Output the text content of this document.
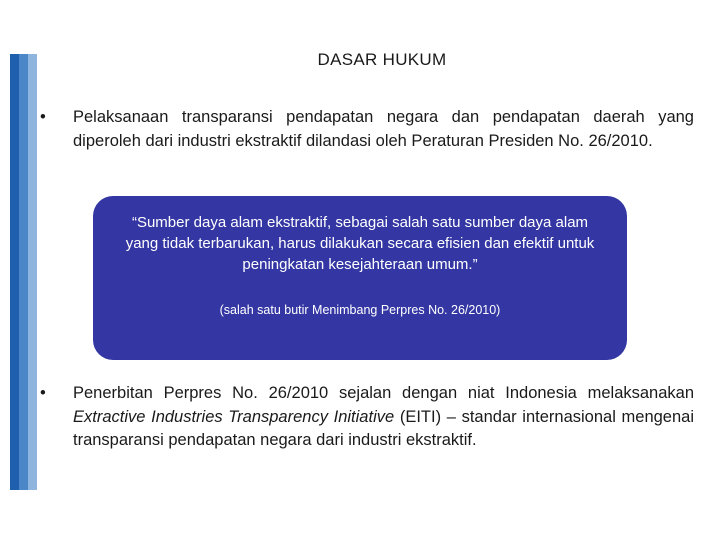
DASAR HUKUM
•	Pelaksanaan transparansi pendapatan negara dan pendapatan daerah yang diperoleh dari industri ekstraktif dilandasi oleh Peraturan Presiden No. 26/2010.

“Sumber daya alam ekstraktif, sebagai salah satu sumber daya alam yang tidak terbarukan, harus dilakukan secara efisien dan efektif untuk peningkatan kesejahteraan umum.”

(salah satu butir Menimbang Perpres No. 26/2010)

•	Penerbitan Perpres No. 26/2010 sejalan dengan niat Indonesia melaksanakan Extractive Industries Transparency Initiative (EITI) – standar internasional mengenai transparansi pendapatan negara dari industri ekstraktif.
